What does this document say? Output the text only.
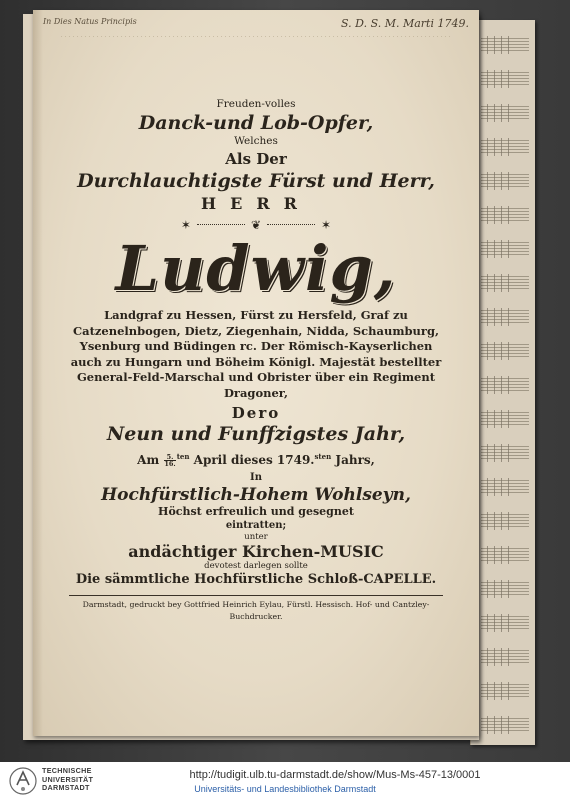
In Dies Natus Principis	S. D. S. M. Marti 1749.
Freuden-volles
Danck-und Lob-Opfer,
Welches
Als Der
Durchlauchtigste Fürst und Herr,
HERR
✶	❦	✶
Ludwig,
Landgraf zu Hessen, Fürst zu Hersfeld, Graf zu Catzenelnbogen, Dietz, Ziegenhain, Nidda, Schaumburg, Ysenburg und Büdingen rc. Der Römisch-Kayserlichen auch zu Hungarn und Böheim Königl. Majestät bestellter General-Feld-Marschal und Obrister über ein Regiment Dragoner,
Dero
Neun und Funffzigstes Jahr,
Am $\frac{5.}{16.} ^{ten}$ April dieses 1749.$^{sten}$ Jahrs,
In
Hochfürstlich-Hohem Wohlseyn,
Höchst erfreulich und gesegnet
eintratten;
unter
andächtiger Kirchen-MUSIC
devotest darlegen sollte
Die sämmtliche Hochfürstliche Schloß-CAPELLE.
Darmstadt, gedruckt bey Gottfried Heinrich Eylau, Fürstl. Hessisch. Hof- und Cantzley-Buchdrucker.
TECHNISCHE
UNIVERSITÄT
DARMSTADT
http://tudigit.ulb.tu-darmstadt.de/show/Mus-Ms-457-13/0001
Universitäts- und Landesbibliothek Darmstadt
